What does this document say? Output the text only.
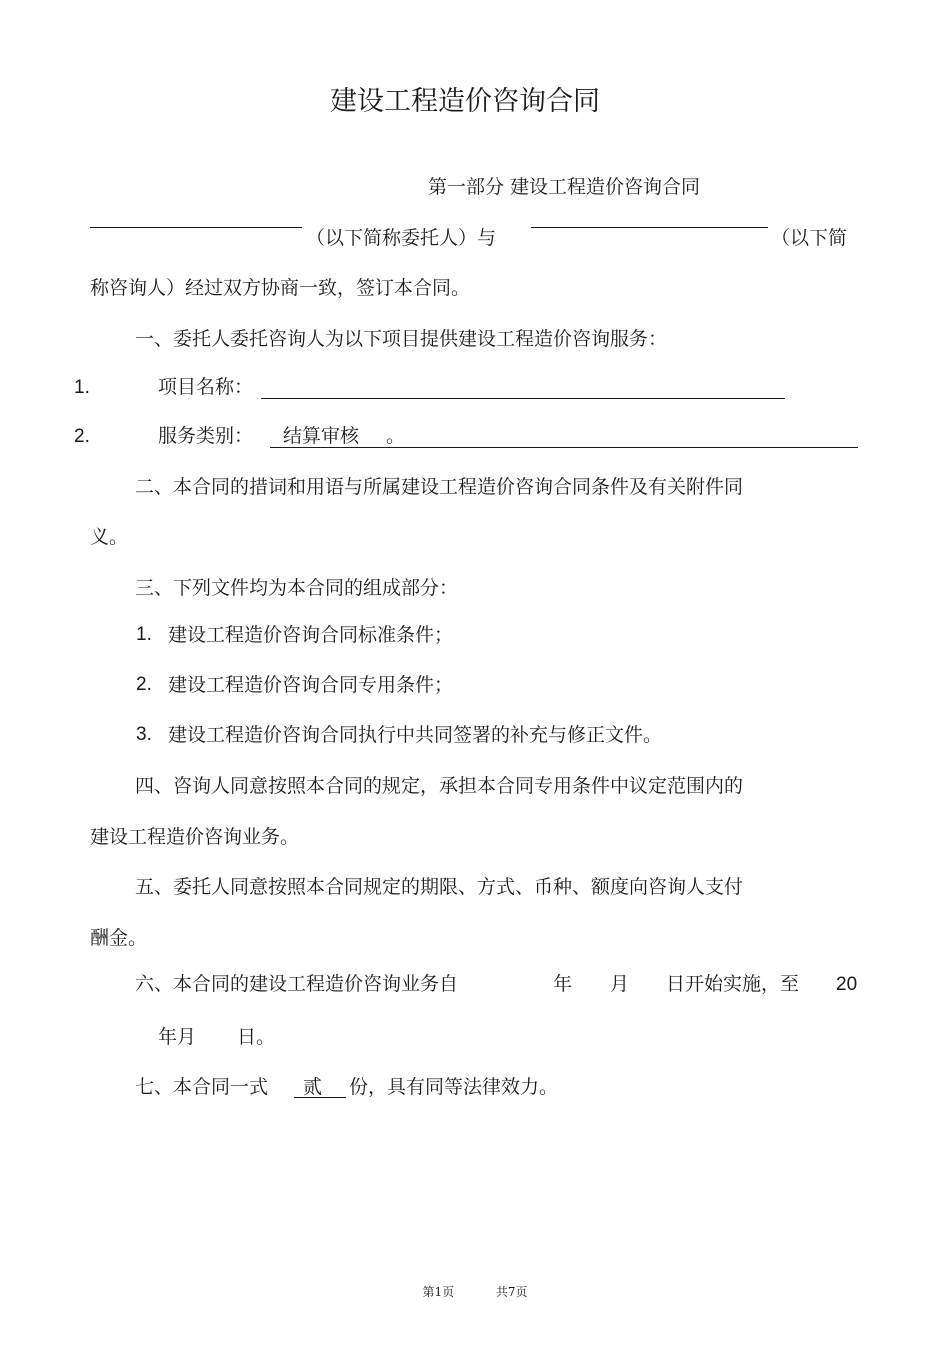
建设工程造价咨询合同
第一部分 建设工程造价咨询合同
（以下简称委托人）与	（以下简
称咨询人）经过双方协商一致，签订本合同。
一、委托人委托咨询人为以下项目提供建设工程造价咨询服务：
1.	项目名称：
2.	服务类别： 结算审核 。
二、本合同的措词和用语与所属建设工程造价咨询合同条件及有关附件同
义。
三、下列文件均为本合同的组成部分：
1. 建设工程造价咨询合同标准条件；
2. 建设工程造价咨询合同专用条件；
3. 建设工程造价咨询合同执行中共同签署的补充与修正文件。
四、咨询人同意按照本合同的规定，承担本合同专用条件中议定范围内的
建设工程造价咨询业务。
五、委托人同意按照本合同规定的期限、方式、币种、额度向咨询人支付
酬金。
六、本合同的建设工程造价咨询业务自	年 月 日开始实施，至 20
年月 日。
七、本合同一式 贰 份，具有同等法律效力。
第1页	共7页
